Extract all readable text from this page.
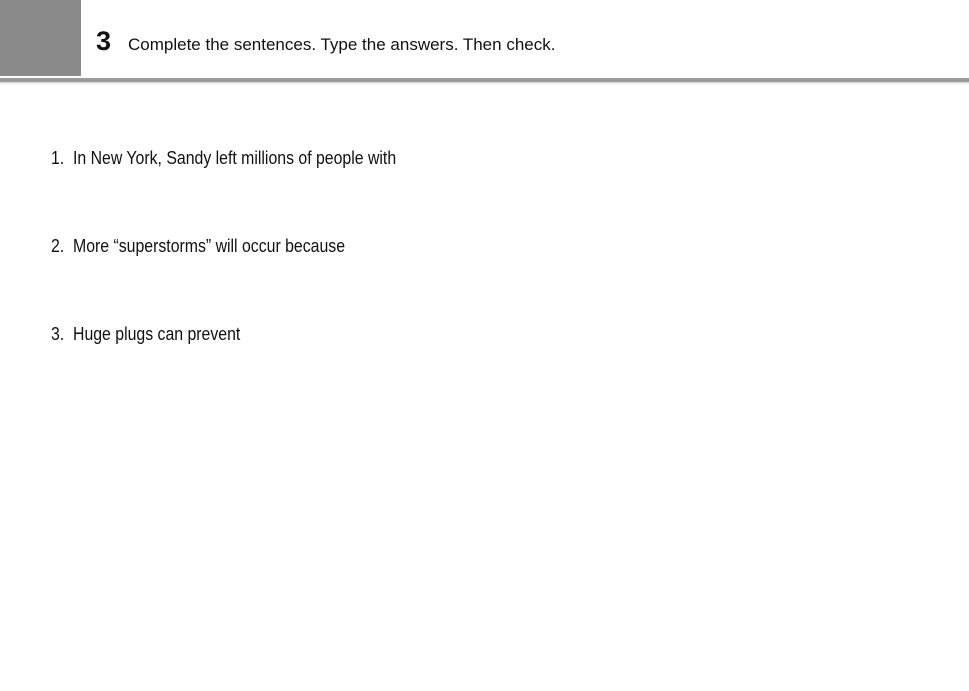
3 Complete the sentences. Type the answers. Then check.
1. In New York, Sandy left millions of people with
2. More “superstorms” will occur because
3. Huge plugs can prevent
